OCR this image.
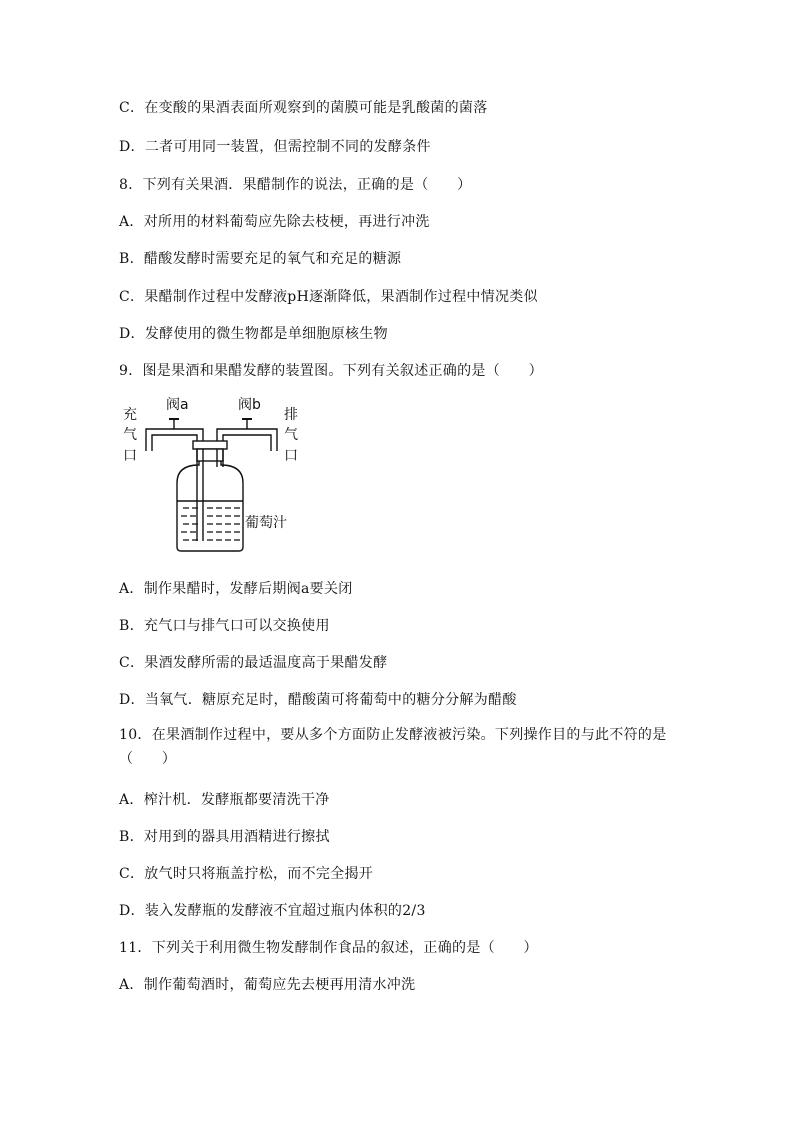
C．在变酸的果酒表面所观察到的菌膜可能是乳酸菌的菌落
D．二者可用同一装置，但需控制不同的发酵条件
8．下列有关果酒．果醋制作的说法，正确的是（　　）
A．对所用的材料葡萄应先除去枝梗，再进行冲洗
B．醋酸发酵时需要充足的氧气和充足的糖源
C．果醋制作过程中发酵液pH逐渐降低，果酒制作过程中情况类似
D．发酵使用的微生物都是单细胞原核生物
9．图是果酒和果醋发酵的装置图。下列有关叙述正确的是（　　）
充
气
口
排
气
口
阀a	阀b
葡萄汁
A．制作果醋时，发酵后期阀a要关闭
B．充气口与排气口可以交换使用
C．果酒发酵所需的最适温度高于果醋发酵
D．当氧气．糖原充足时，醋酸菌可将葡萄中的糖分分解为醋酸
10．在果酒制作过程中，要从多个方面防止发酵液被污染。下列操作目的与此不符的是（　　）
A．榨汁机．发酵瓶都要清洗干净
B．对用到的器具用酒精进行擦拭
C．放气时只将瓶盖拧松，而不完全揭开
D．装入发酵瓶的发酵液不宜超过瓶内体积的2/3
11．下列关于利用微生物发酵制作食品的叙述，正确的是（　　）
A．制作葡萄酒时，葡萄应先去梗再用清水冲洗
